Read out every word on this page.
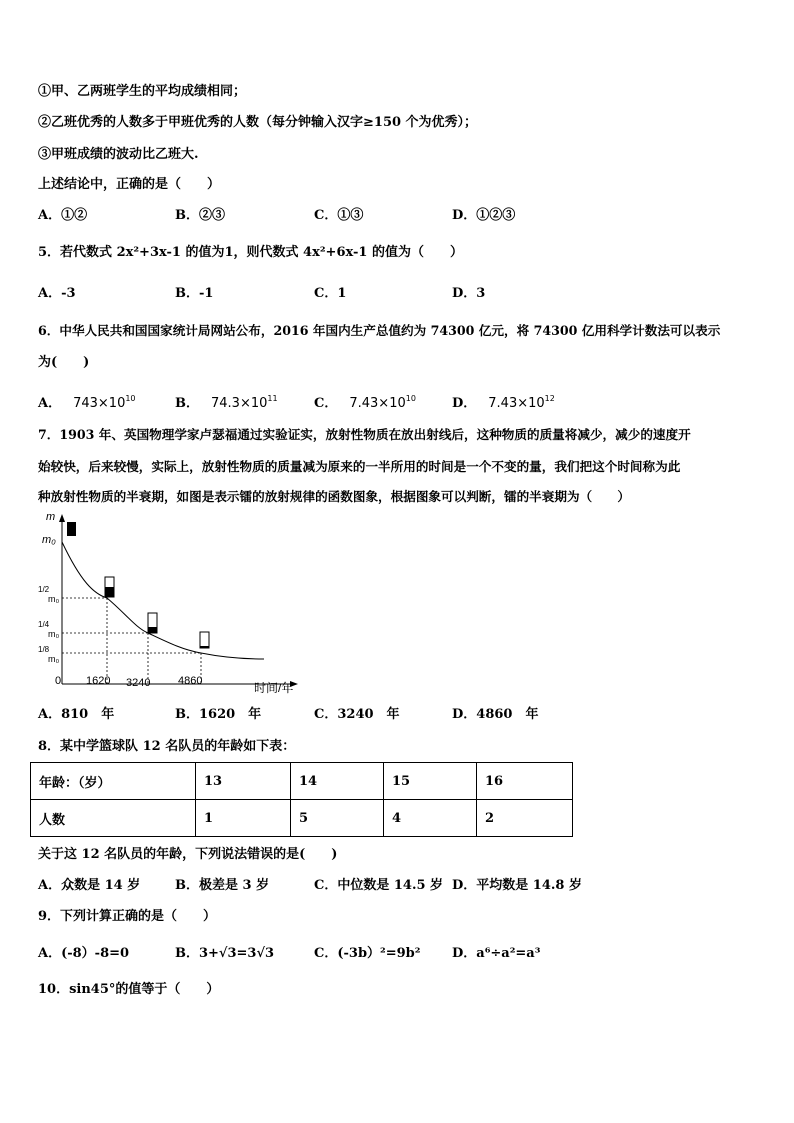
①甲、乙两班学生的平均成绩相同；
②乙班优秀的人数多于甲班优秀的人数（每分钟输入汉字≥150 个为优秀）；
③甲班成绩的波动比乙班大.
上述结论中，正确的是（　　）
A．①②	B．②③	C．①③	D．①②③
5．若代数式 2x²+3x-1 的值为1，则代数式 4x²+6x-1 的值为（　　）
A．-3	B．-1	C．1	D．3
6．中华人民共和国国家统计局网站公布，2016 年国内生产总值约为 74300 亿元，将 74300 亿用科学计数法可以表示
为(　　)
A． $743\times 10^{10}$	B． $74.3\times 10^{11}$	C． $7.43\times 10^{10}$	D． $7.43\times 10^{12}$
7．1903 年、英国物理学家卢瑟福通过实验证实，放射性物质在放出射线后，这种物质的质量将减少，减少的速度开
始较快，后来较慢，实际上，放射性物质的质量减为原来的一半所用的时间是一个不变的量，我们把这个时间称为此
种放射性物质的半衰期，如图是表示镭的放射规律的函数图象，根据图象可以判断，镭的半衰期为（　　）
m
时间/年
0
m₀
1/2
m₀
1/4
m₀
1/8
m₀
1620 3240	4860
A．810　年	B．1620　年	C．3240　年	D．4860　年
8．某中学篮球队 12 名队员的年龄如下表：
年龄：（岁）	13	14	15	16
人数	1	5	4	2
关于这 12 名队员的年龄，下列说法错误的是(　　)
A．众数是 14 岁	B．极差是 3 岁	C．中位数是 14.5 岁 D．平均数是 14.8 岁
9．下列计算正确的是（　　）
A．(-8）-8=0	B．3+√3=3√3	C．(-3b）²=9b² D．a⁶÷a²=a³
10．sin45°的值等于（　　）
